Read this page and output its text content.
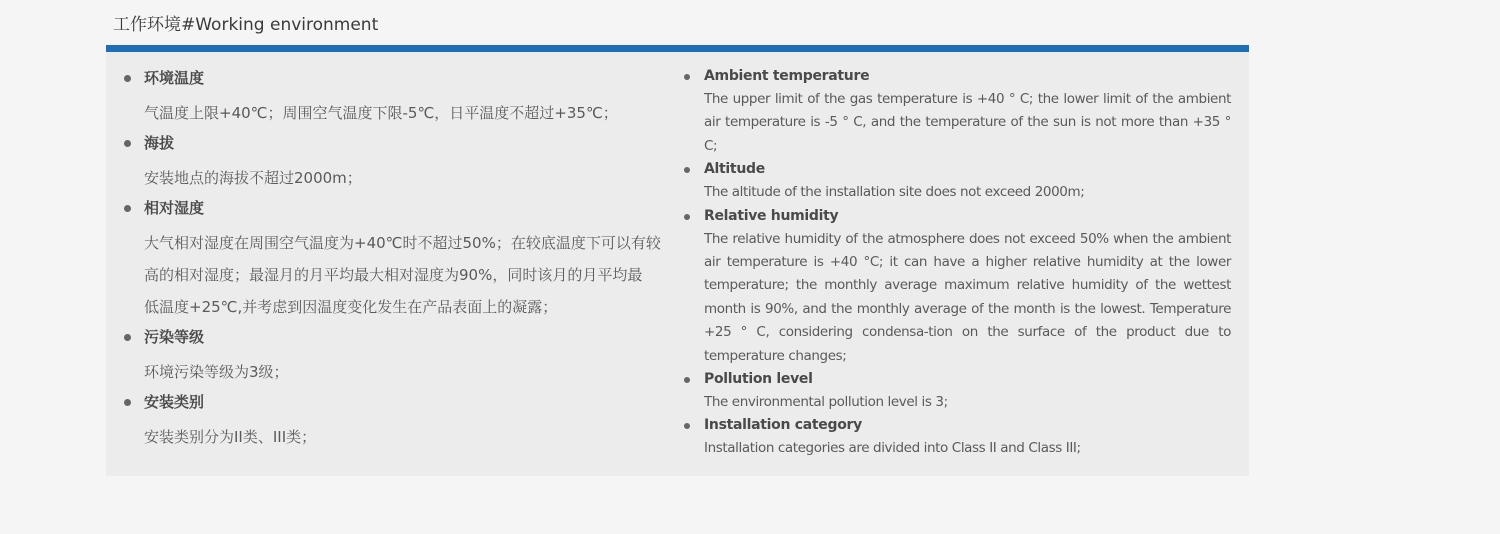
工作环境#Working environment
环境温度
气温度上限+40℃；周围空气温度下限-5℃，日平温度不超过+35℃；
海拔
安装地点的海拔不超过2000m；
相对湿度
大气相对湿度在周围空气温度为+40℃时不超过50%；在较底温度下可以有较
高的相对湿度；最湿月的月平均最大相对湿度为90%，同时该月的月平均最
低温度+25℃,并考虑到因温度变化发生在产品表面上的凝露；
污染等级
环境污染等级为3级；
安装类别
安装类别分为II类、III类；
Ambient temperature
The upper limit of the gas temperature is +40 ° C; the lower limit of the ambient air temperature is -5 ° C, and the temperature of the sun is not more than +35 ° C;
Altitude
The altitude of the installation site does not exceed 2000m;
Relative humidity
The relative humidity of the atmosphere does not exceed 50% when the ambient air temperature is +40 °C; it can have a higher relative humidity at the lower temperature; the monthly average maximum relative humidity of the wettest month is 90%, and the monthly average of the month is the lowest. Temperature +25 ° C, considering condensa-tion on the surface of the product due to temperature changes;
Pollution level
The environmental pollution level is 3;
Installation category
Installation categories are divided into Class II and Class III;
